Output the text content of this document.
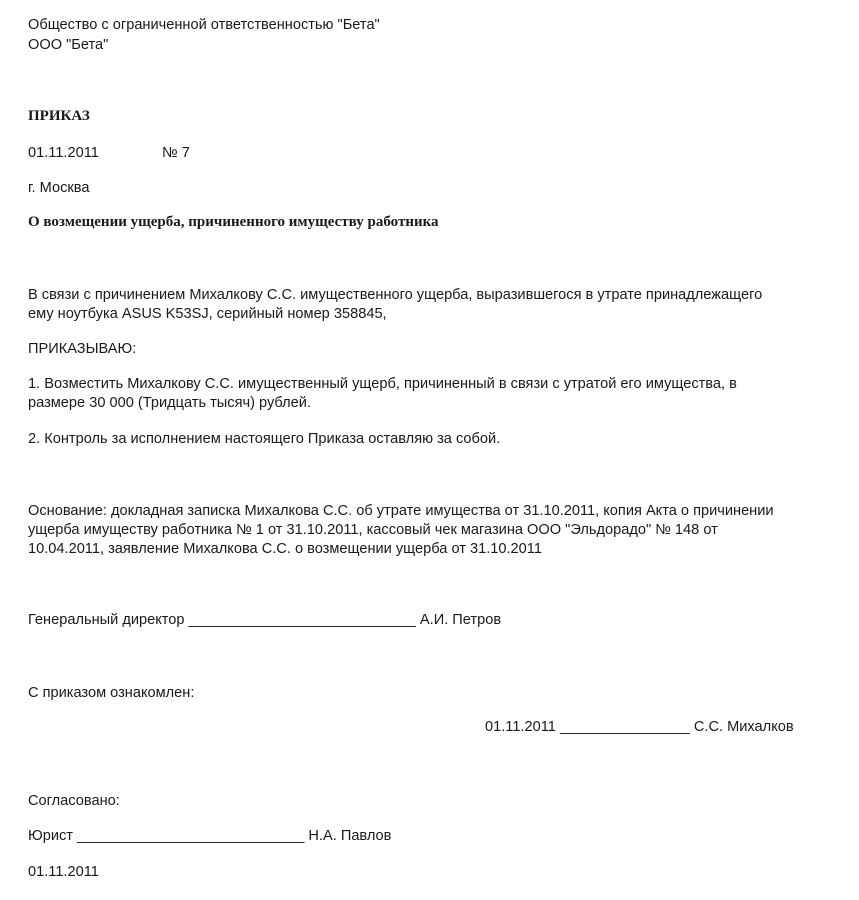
Общество с ограниченной ответственностью "Бета"
ООО "Бета"
ПРИКАЗ
01.11.2011	№ 7
г. Москва
О возмещении ущерба, причиненного имуществу работника
В связи с причинением Михалкову С.С. имущественного ущерба, выразившегося в утрате принадлежащего
ему ноутбука ASUS K53SJ, серийный номер 358845,
ПРИКАЗЫВАЮ:
1. Возместить Михалкову С.С. имущественный ущерб, причиненный в связи с утратой его имущества, в
размере 30 000 (Тридцать тысяч) рублей.
2. Контроль за исполнением настоящего Приказа оставляю за собой.
Основание: докладная записка Михалкова С.С. об утрате имущества от 31.10.2011, копия Акта о причинении
ущерба имуществу работника № 1 от 31.10.2011, кассовый чек магазина ООО "Эльдорадо" № 148 от
10.04.2011, заявление Михалкова С.С. о возмещении ущерба от 31.10.2011
Генеральный директор ____________________________ А.И. Петров
С приказом ознакомлен:
01.11.2011 ________________ С.С. Михалков
Согласовано:
Юрист ____________________________ Н.А. Павлов
01.11.2011
